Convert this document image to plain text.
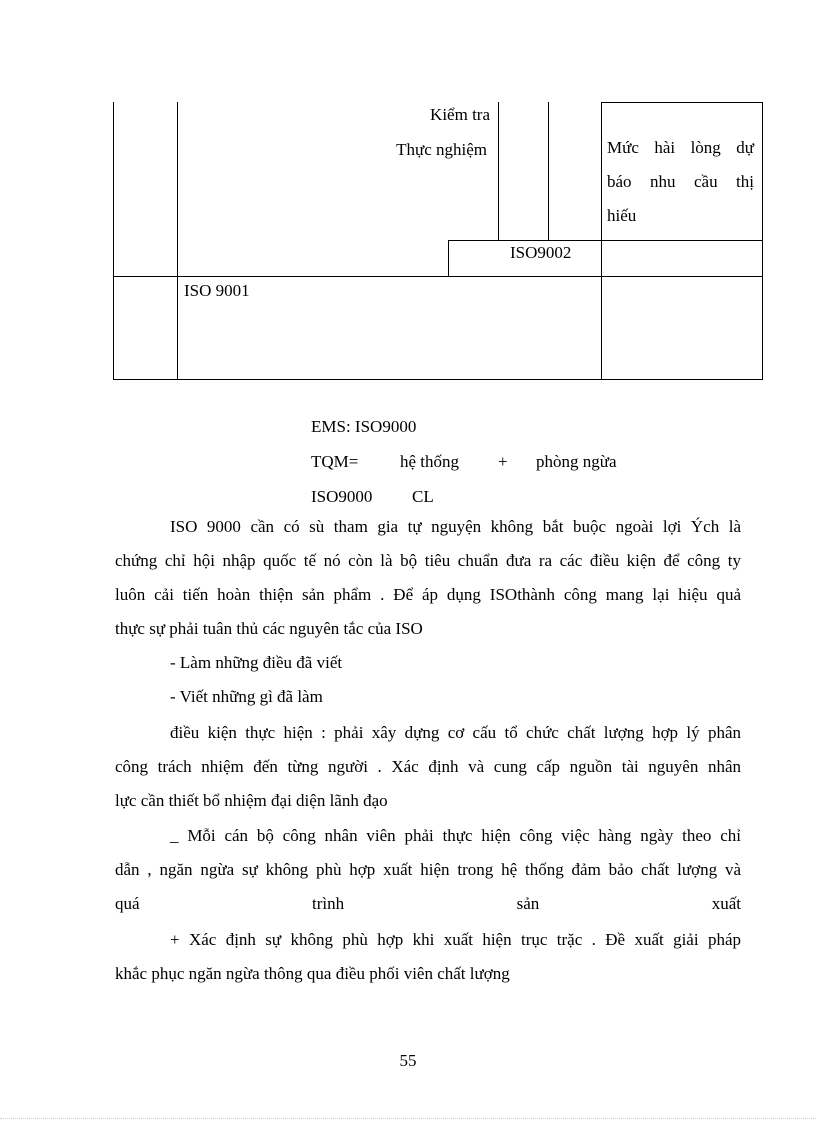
Kiểm tra
Thực nghiệm	Mức hài lòng dự
báo nhu cầu thị
hiếu
ISO9002
ISO 9001
EMS: ISO9000
TQM= hệ thống + phòng ngừa
ISO9000 CL
ISO 9000 cần có sù tham gia tự nguyện không bắt buộc ngoài lợi Ých là
chứng chỉ hội nhập quốc tế nó còn là bộ tiêu chuẩn đưa ra các điều kiện để công ty
luôn cải tiến hoàn thiện sản phẩm . Để áp dụng ISOthành công mang lại hiệu quả
thực sự phải tuân thủ các nguyên tắc của ISO
- Làm những điều đã viết
- Viết những gì đã làm
điều kiện thực hiện : phải xây dựng cơ cấu tổ chức chất lượng hợp lý phân
công trách nhiệm đến từng người . Xác định và cung cấp nguồn tài nguyên nhân
lực cần thiết bổ nhiệm đại diện lãnh đạo
_ Mỗi cán bộ công nhân viên phải thực hiện công việc hàng ngày theo chỉ
dẫn , ngăn ngừa sự không phù hợp xuất hiện trong hệ thống đảm bảo chất lượng và
quá trình sản xuất
+ Xác định sự không phù hợp khi xuất hiện trục trặc . Đề xuất giải pháp
khắc phục ngăn ngừa thông qua điều phối viên chất lượng
55
